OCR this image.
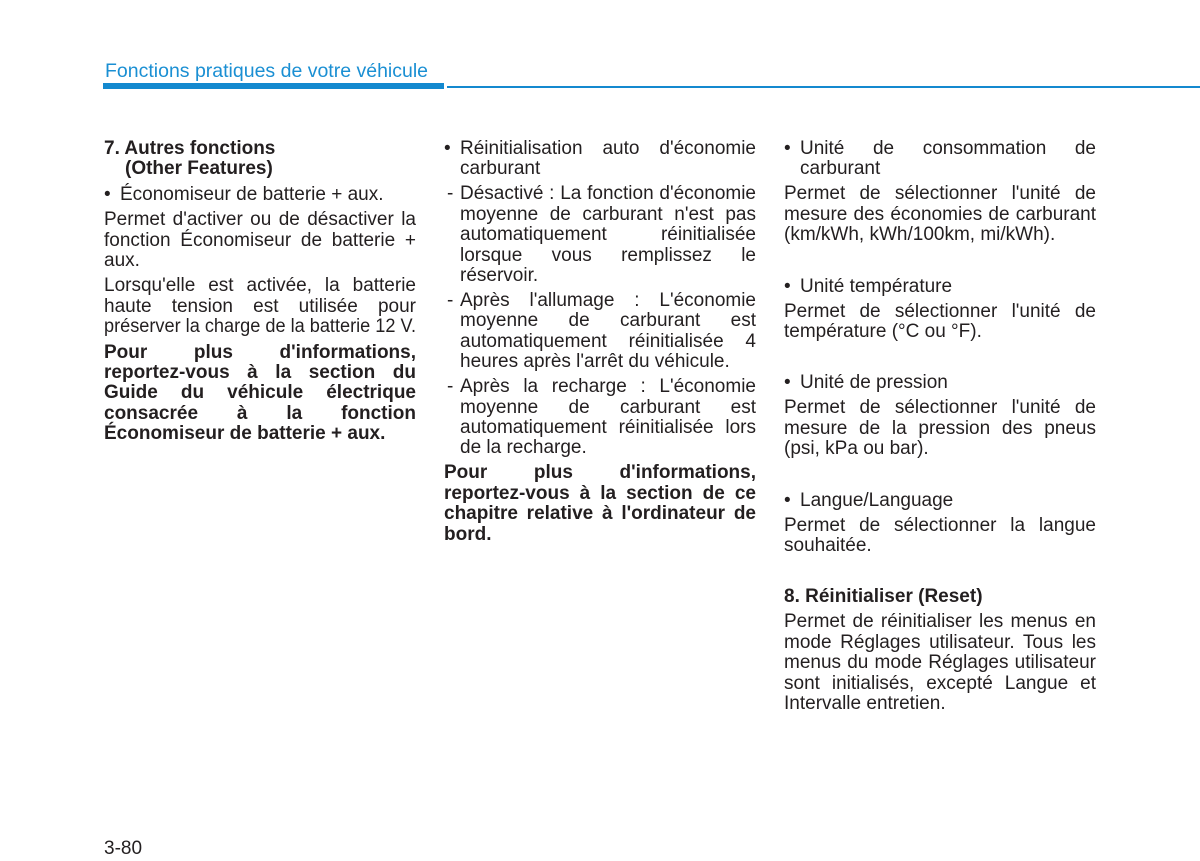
Fonctions pratiques de votre véhicule
7. Autres fonctions
(Other Features)
• Économiseur de batterie + aux.
Permet d'activer ou de désactiver la
fonction Économiseur de batterie +
aux.
Lorsqu'elle est activée, la batterie
haute tension est utilisée pour
préserver la charge de la batterie 12 V.
Pour plus d'informations,
reportez-vous à la section du
Guide du véhicule électrique
consacrée à la fonction
Économiseur de batterie + aux.
• Réinitialisation auto d'économie
carburant
- Désactivé : La fonction d'économie
moyenne de carburant n'est pas
automatiquement réinitialisée
lorsque vous remplissez le
réservoir.
- Après l'allumage : L'économie
moyenne de carburant est
automatiquement réinitialisée 4
heures après l'arrêt du véhicule.
- Après la recharge : L'économie
moyenne de carburant est
automatiquement réinitialisée lors
de la recharge.
Pour plus d'informations,
reportez-vous à la section de ce
chapitre relative à l'ordinateur de
bord.
• Unité de consommation de
carburant
Permet de sélectionner l'unité de
mesure des économies de carburant
(km/kWh, kWh/100km, mi/kWh).
• Unité température
Permet de sélectionner l'unité de
température (°C ou °F).
• Unité de pression
Permet de sélectionner l'unité de
mesure de la pression des pneus
(psi, kPa ou bar).
• Langue/Language
Permet de sélectionner la langue
souhaitée.
8. Réinitialiser (Reset)
Permet de réinitialiser les menus en
mode Réglages utilisateur. Tous les
menus du mode Réglages utilisateur
sont initialisés, excepté Langue et
Intervalle entretien.
3-80
